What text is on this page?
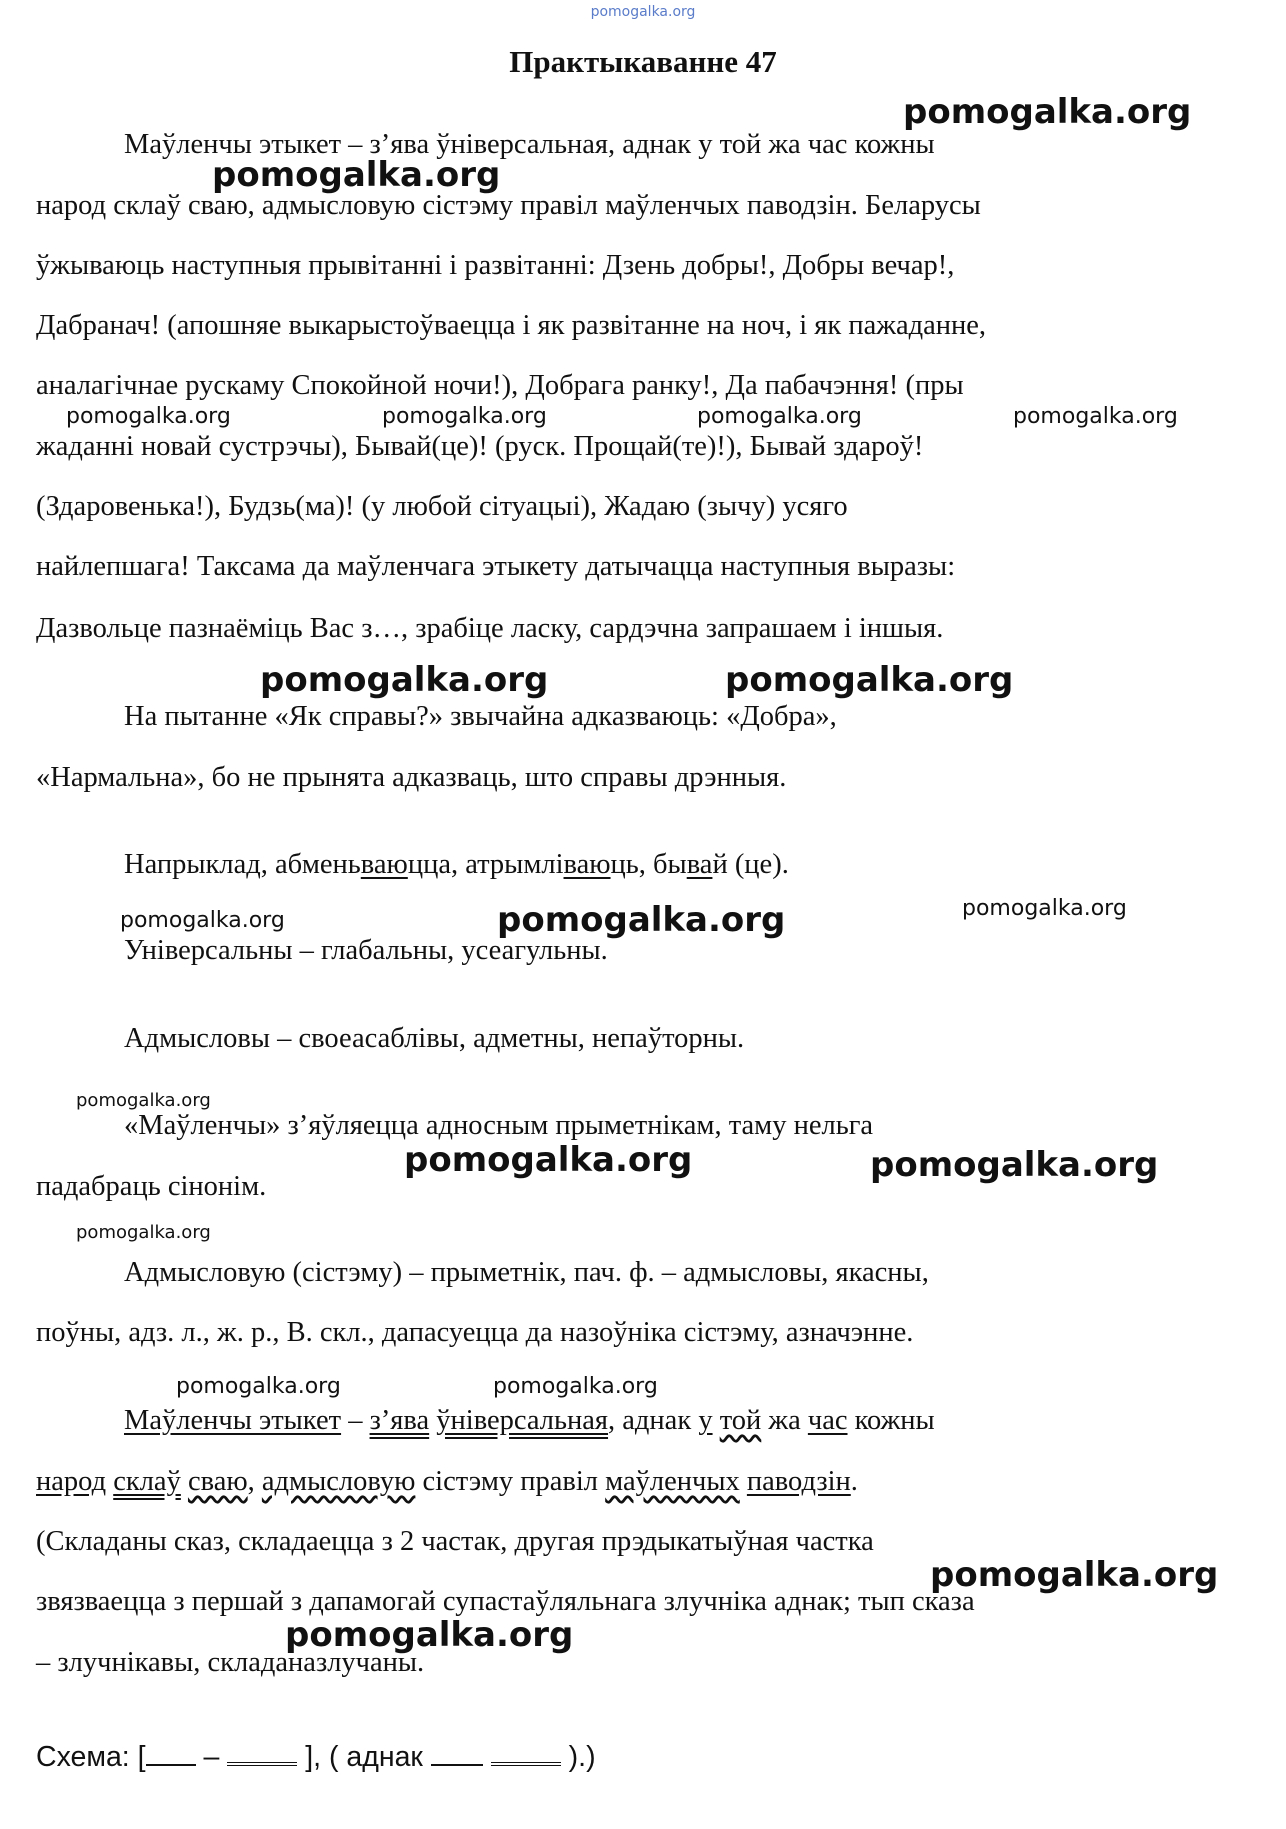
pomogalka.org
Практыкаванне 47
Маўленчы этыкет – з’ява ўніверсальная, аднак у той жа час кожны
народ склаў сваю, адмысловую сістэму правіл маўленчых паводзін. Беларусы
ўжываюць наступныя прывітанні і развітанні: Дзень добры!, Добры вечар!,
Дабранач! (апошняе выкарыстоўваецца і як развітанне на ноч, і як пажаданне,
аналагічнае рускаму Спокойной ночи!), Добрага ранку!, Да пабачэння! (пры
жаданні новай сустрэчы), Бывай(це)! (руск. Прощай(те)!), Бывай здароў!
(Здаровенька!), Будзь(ма)! (у любой сітуацыі), Жадаю (зычу) усяго
найлепшага! Таксама да маўленчага этыкету датычацца наступныя выразы:
Дазвольце пазнаёміць Вас з…, зрабіце ласку, сардэчна запрашаем і іншыя.
На пытанне «Як справы?» звычайна адказваюць: «Добра»,
«Нармальна», бо не прынята адказваць, што справы дрэнныя.
Напрыклад, абменьваюцца, атрымліваюць, бывай (це).
Універсальны – глабальны, усеагульны.
Адмысловы – своеасаблівы, адметны, непаўторны.
«Маўленчы» з’яўляецца адносным прыметнікам, таму нельга
падабраць сінонім.
Адмысловую (сістэму) – прыметнік, пач. ф. – адмысловы, якасны,
поўны, адз. л., ж. р., В. скл., дапасуецца да назоўніка сістэму, азначэнне.
Маўленчы этыкет – з’ява ўніверсальная, аднак у той жа час кожны
народ склаў сваю, адмысловую сістэму правіл маўленчых паводзін.
(Складаны сказ, складаецца з 2 частак, другая прэдыкатыўная частка
звязваецца з першай з дапамогай супастаўляльнага злучніка аднак; тып сказа
– злучнікавы, складаназлучаны.
Схема: [ –	], ( аднак	).)
pomogalka.org
pomogalka.org
pomogalka.org	pomogalka.org	pomogalka.org	pomogalka.org
pomogalka.org	pomogalka.org
pomogalka.org	pomogalka.org	pomogalka.org
pomogalka.org
pomogalka.org	pomogalka.org
pomogalka.org
pomogalka.org	pomogalka.org
pomogalka.org
pomogalka.org
